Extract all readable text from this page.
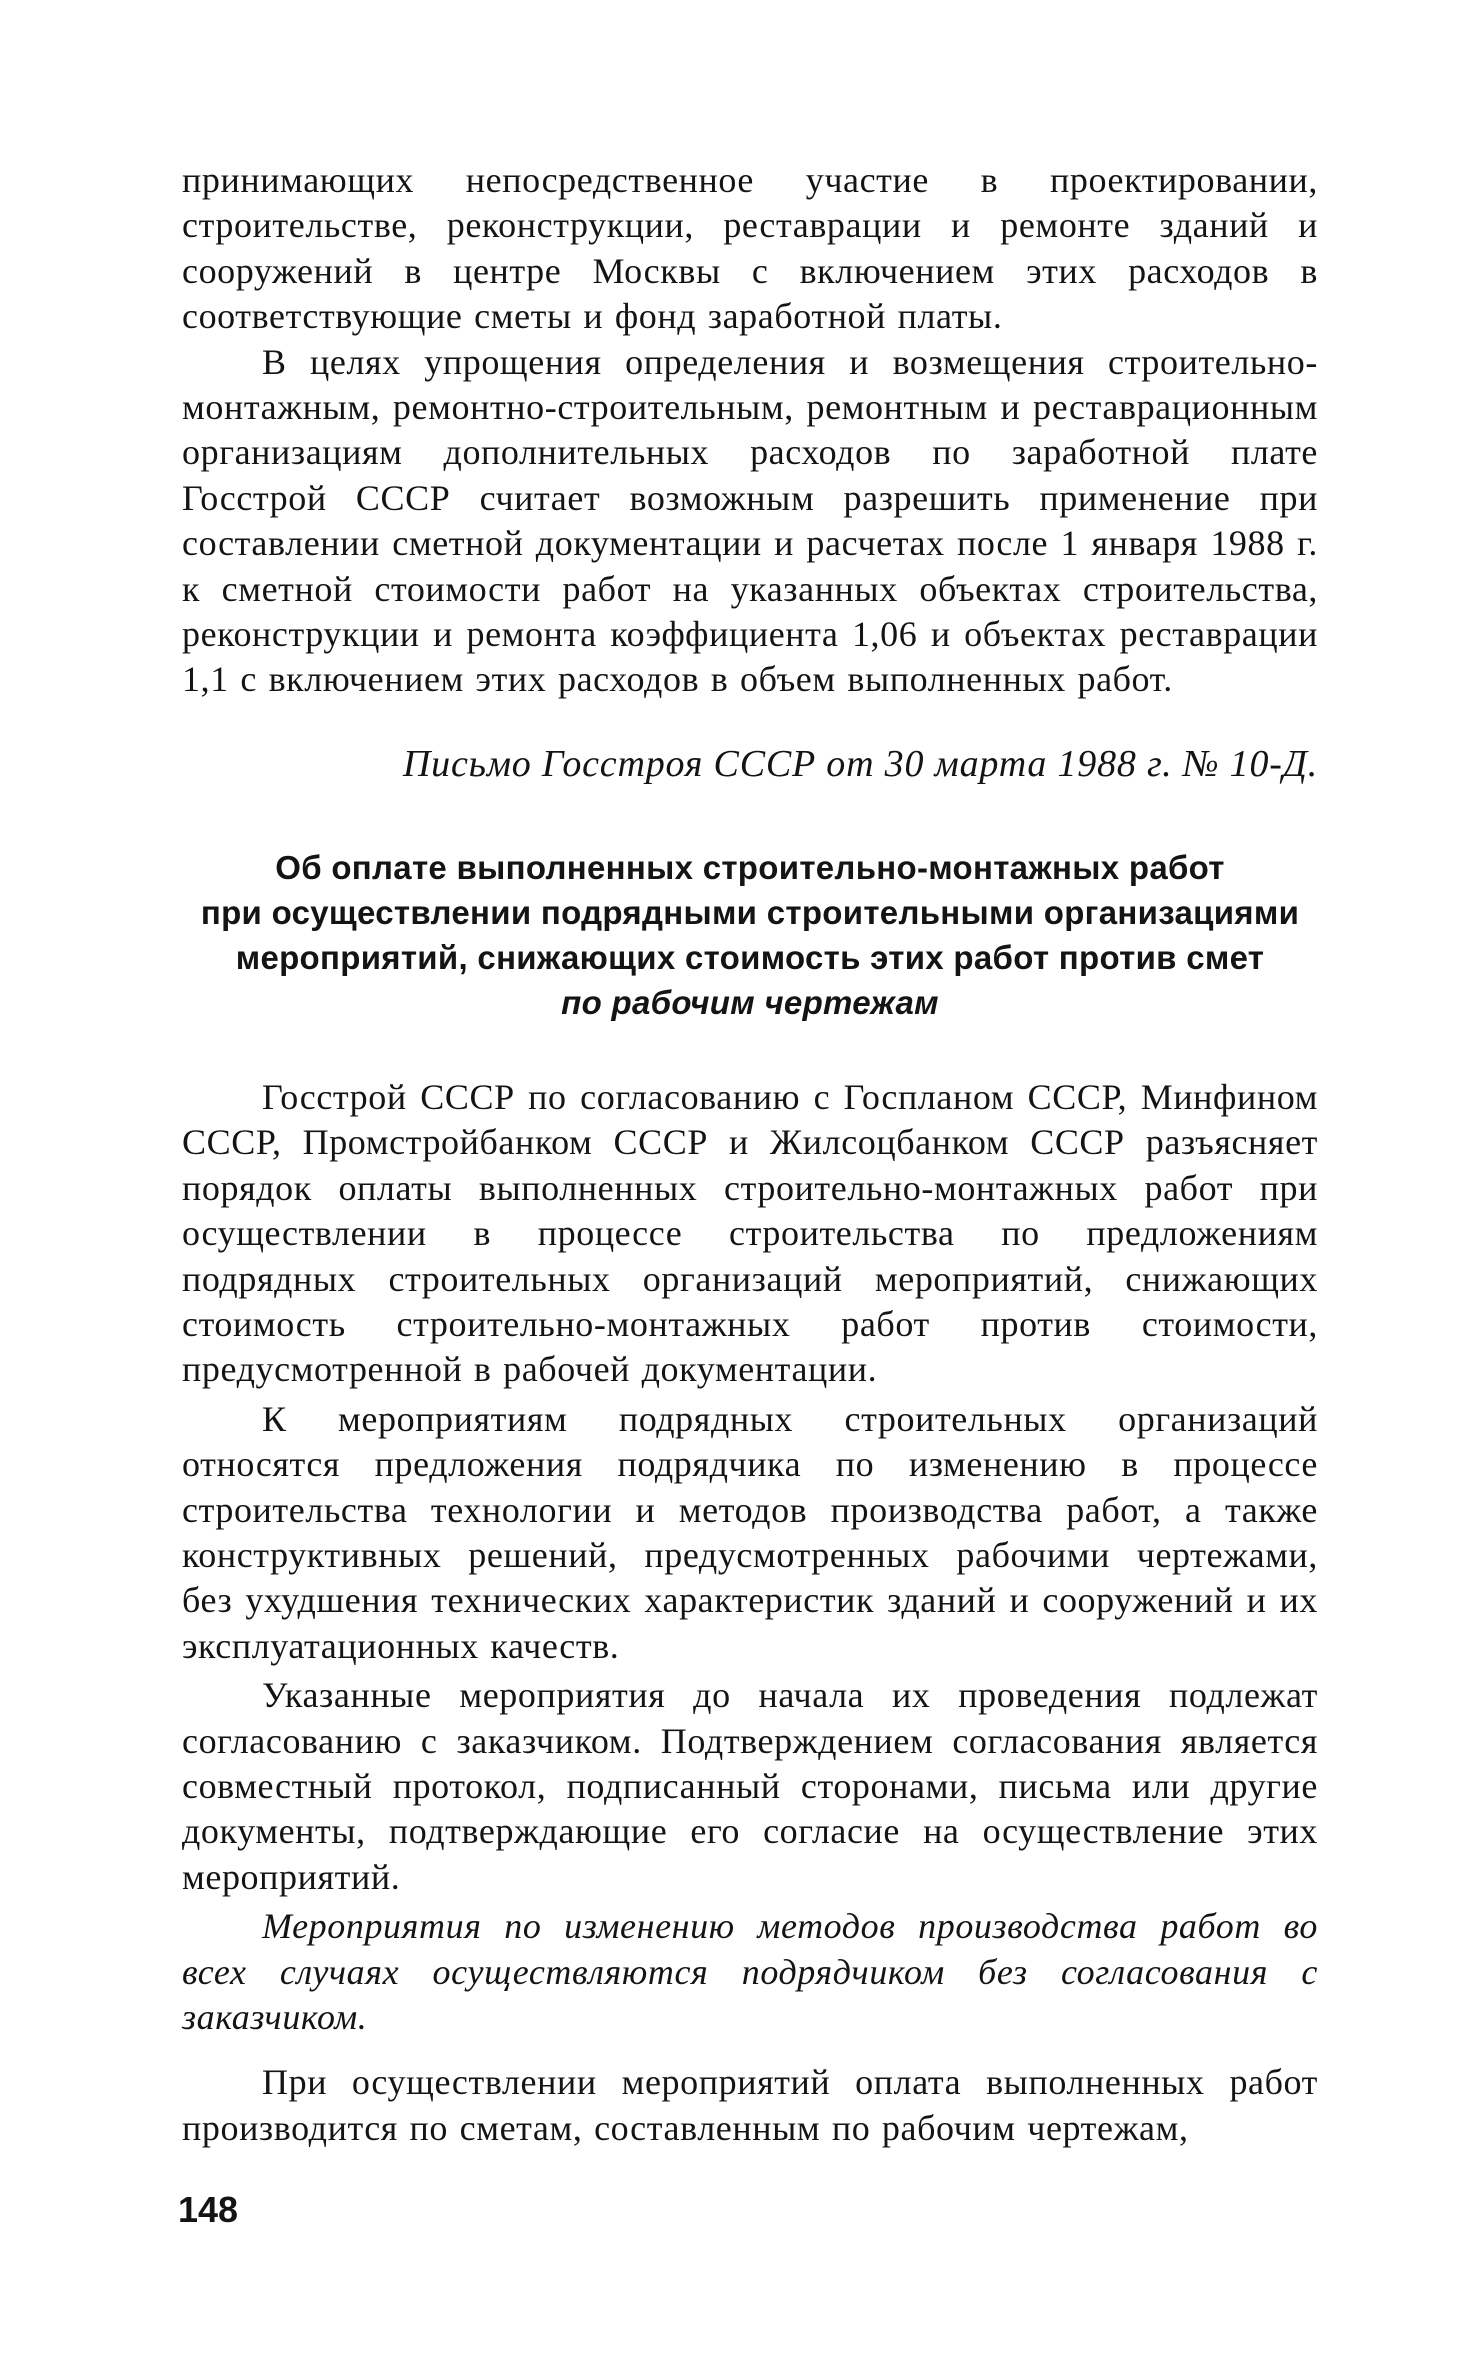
принимающих непосредственное участие в проектировании, строительстве, реконструкции, реставрации и ремонте зданий и сооружений в центре Москвы с включением этих расходов в соответствующие сметы и фонд заработной платы.

В целях упрощения определения и возмещения строительно-монтажным, ремонтно-строительным, ремонтным и реставрационным организациям дополнительных расходов по заработной плате Госстрой СССР считает возможным разрешить применение при составлении сметной документации и расчетах после 1 января 1988 г. к сметной стоимости работ на указанных объектах строительства, реконструкции и ремонта коэффициента 1,06 и объектах реставрации 1,1 с включением этих расходов в объем выполненных работ.

Письмо Госстроя СССР от 30 марта 1988 г. № 10-Д.

Об оплате выполненных строительно-монтажных работ
при осуществлении подрядными строительными организациями
мероприятий, снижающих стоимость этих работ против смет
по рабочим чертежам

Госстрой СССР по согласованию с Госпланом СССР, Минфином СССР, Промстройбанком СССР и Жилсоцбанком СССР разъясняет порядок оплаты выполненных строительно-монтажных работ при осуществлении в процессе строительства по предложениям подрядных строительных организаций мероприятий, снижающих стоимость строительно-монтажных работ против стоимости, предусмотренной в рабочей документации.

К мероприятиям подрядных строительных организаций относятся предложения подрядчика по изменению в процессе строительства технологии и методов производства работ, а также конструктивных решений, предусмотренных рабочими чертежами, без ухудшения технических характеристик зданий и сооружений и их эксплуатационных качеств.

Указанные мероприятия до начала их проведения подлежат согласованию с заказчиком. Подтверждением согласования является совместный протокол, подписанный сторонами, письма или другие документы, подтверждающие его согласие на осуществление этих мероприятий.

Мероприятия по изменению методов производства работ во всех случаях осуществляются подрядчиком без согласования с заказчиком.

При осуществлении мероприятий оплата выполненных работ производится по сметам, составленным по рабочим чертежам,

148
